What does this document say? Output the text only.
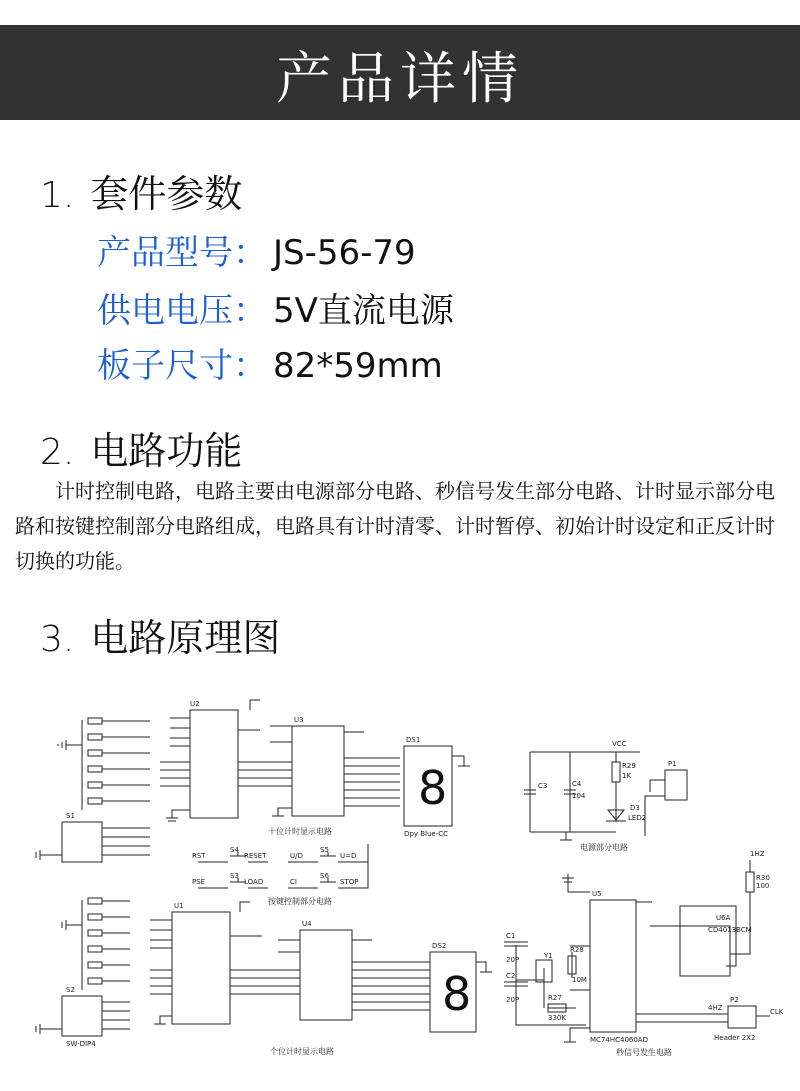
产品详情
1. 套件参数
产品型号： JS-56-79
供电电压： 5V直流电源
板子尺寸： 82*59mm
2. 电路功能
计时控制电路，电路主要由电源部分电路、秒信号发生部分电路、计时显示部分电路和按键控制部分电路组成，电路具有计时清零、计时暂停、初始计时设定和正反计时切换的功能。
3. 电路原理图
8
8
U2
U3
U1
U4
DS1
Dpy Blue-CC
DS2
S1
S2
SW-DIP4
U5
MC74HC4060AD
U6A
CD4013BCM
VCC
C3	C4
104
R29
1K
D3
LED2
P1
1HZ
R30
100
P2
Header 2X2
Y1
R28
10M
R27
330K
C1
C2
20P
20P
CLK
4HZ
RST	U/D
PSE	CI
S4	S5
S3	S6
RESET	U=D
LOAD	STOP
十位计时显示电路
按键控制部分电路
个位计时显示电路
电源部分电路
秒信号发生电路
